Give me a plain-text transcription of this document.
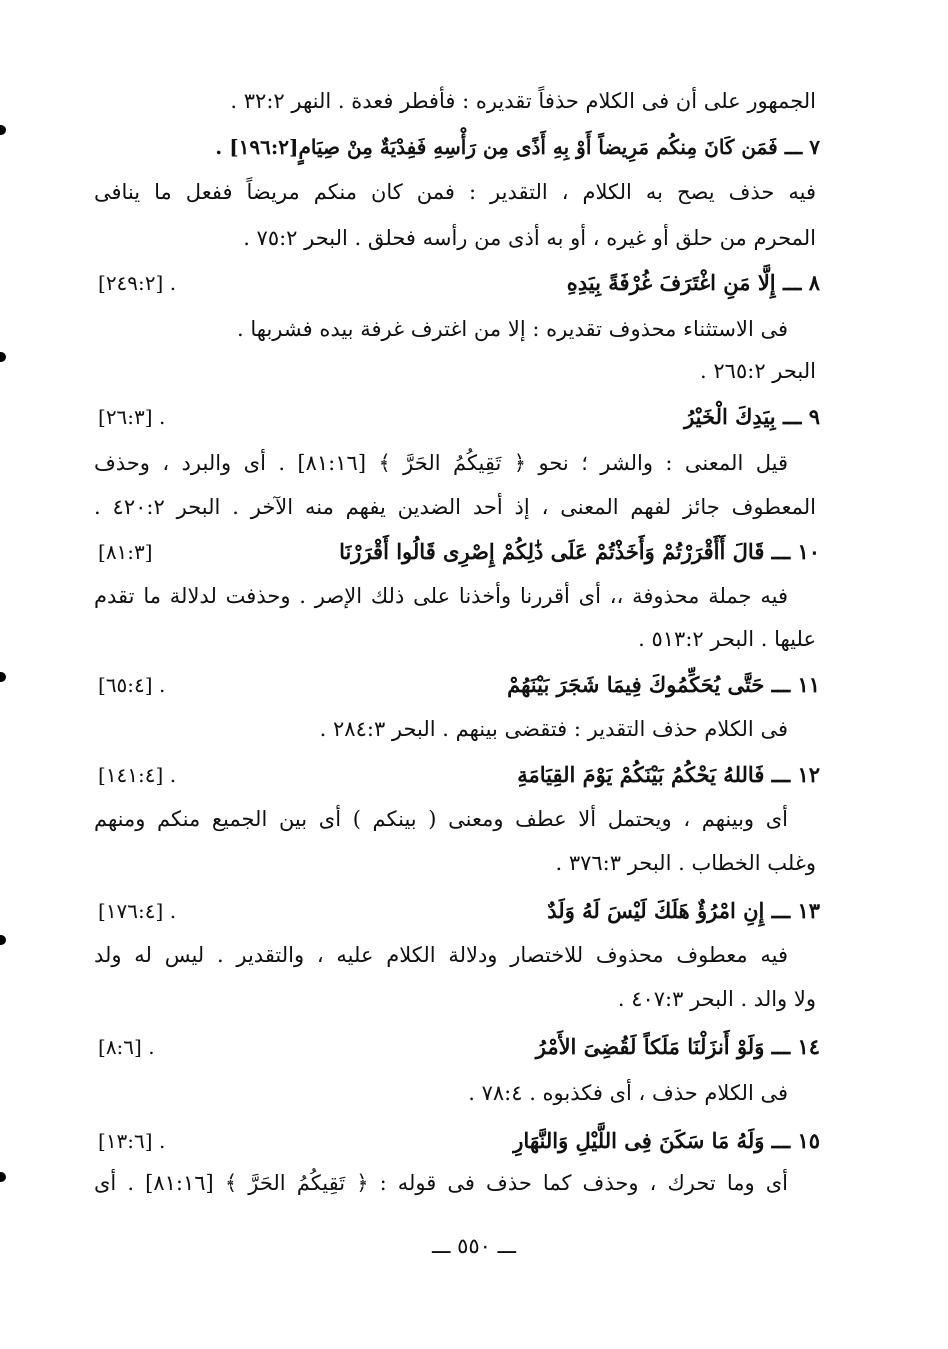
الجمهور على أن فى الكلام حذفاً تقديره : فأفطر فعدة . النهر ٣٢:٢ .
٧ ـــ فَمَن كَانَ مِنكُم مَرِيضاً أَوْ بِهِ أَذًى مِن رَأْسِهِ فَفِدْيَةٌ مِنْ صِيَامٍ[١٩٦:٢] .
فيه حذف يصح به الكلام ، التقدير : فمن كان منكم مريضاً ففعل ما ينافى
المحرم من حلق أو غيره ، أو به أذى من رأسه فحلق . البحر ٧٥:٢ .
٨ ـــ إِلَّا مَنِ اغْتَرَفَ غُرْفَةً بِيَدِهِ
[٢٤٩:٢] .
فى الاستثناء محذوف تقديره : إلا من اغترف غرفة بيده فشربها .
البحر ٢٦٥:٢ .
٩ ـــ بِيَدِكَ الْخَيْرُ
[٢٦:٣] .
قيل المعنى : والشر ؛ نحو ﴿ تَقِيكُمُ الحَرَّ ﴾ [٨١:١٦] . أى والبرد ، وحذف
المعطوف جائز لفهم المعنى ، إذ أحد الضدين يفهم منه الآخر . البحر ٤٢٠:٢ .
١٠ ـــ قَالَ أَأَقْرَرْتُمْ وَأَخَذْتُمْ عَلَى ذَٰلِكُمْ إِصْرِى قَالُوا أَقْرَرْنَا
[٨١:٣]
فيه جملة محذوفة ،، أى أقررنا وأخذنا على ذلك الإصر . وحذفت لدلالة ما تقدم
عليها . البحر ٥١٣:٢ .
١١ ـــ حَتَّى يُحَكِّمُوكَ فِيمَا شَجَرَ بَيْنَهُمْ
[٦٥:٤] .
فى الكلام حذف التقدير : فتقضى بينهم . البحر ٢٨٤:٣ .
١٢ ـــ فَاللهُ يَحْكُمُ بَيْنَكُمْ يَوْمَ القِيَامَةِ
[١٤١:٤] .
أى وبينهم ، ويحتمل ألا عطف ومعنى ( بينكم ) أى بين الجميع منكم ومنهم
وغلب الخطاب . البحر ٣٧٦:٣ .
١٣ ـــ إِنِ امْرُؤٌ هَلَكَ لَيْسَ لَهُ وَلَدٌ
[١٧٦:٤] .
فيه معطوف محذوف للاختصار ودلالة الكلام عليه ، والتقدير . ليس له ولد
ولا والد . البحر ٤٠٧:٣ .
١٤ ـــ وَلَوْ أَنزَلْنَا مَلَكاً لَقُضِىَ الأَمْرُ
[٨:٦] .
فى الكلام حذف ، أى فكذبوه . ٧٨:٤ .
١٥ ـــ وَلَهُ مَا سَكَنَ فِى اللَّيْلِ وَالنَّهَارِ
[١٣:٦] .
أى وما تحرك ، وحذف كما حذف فى قوله : ﴿ تَقِيكُمُ الحَرَّ ﴾ [٨١:١٦] . أى
ـــ ٥٥٠ ـــ
